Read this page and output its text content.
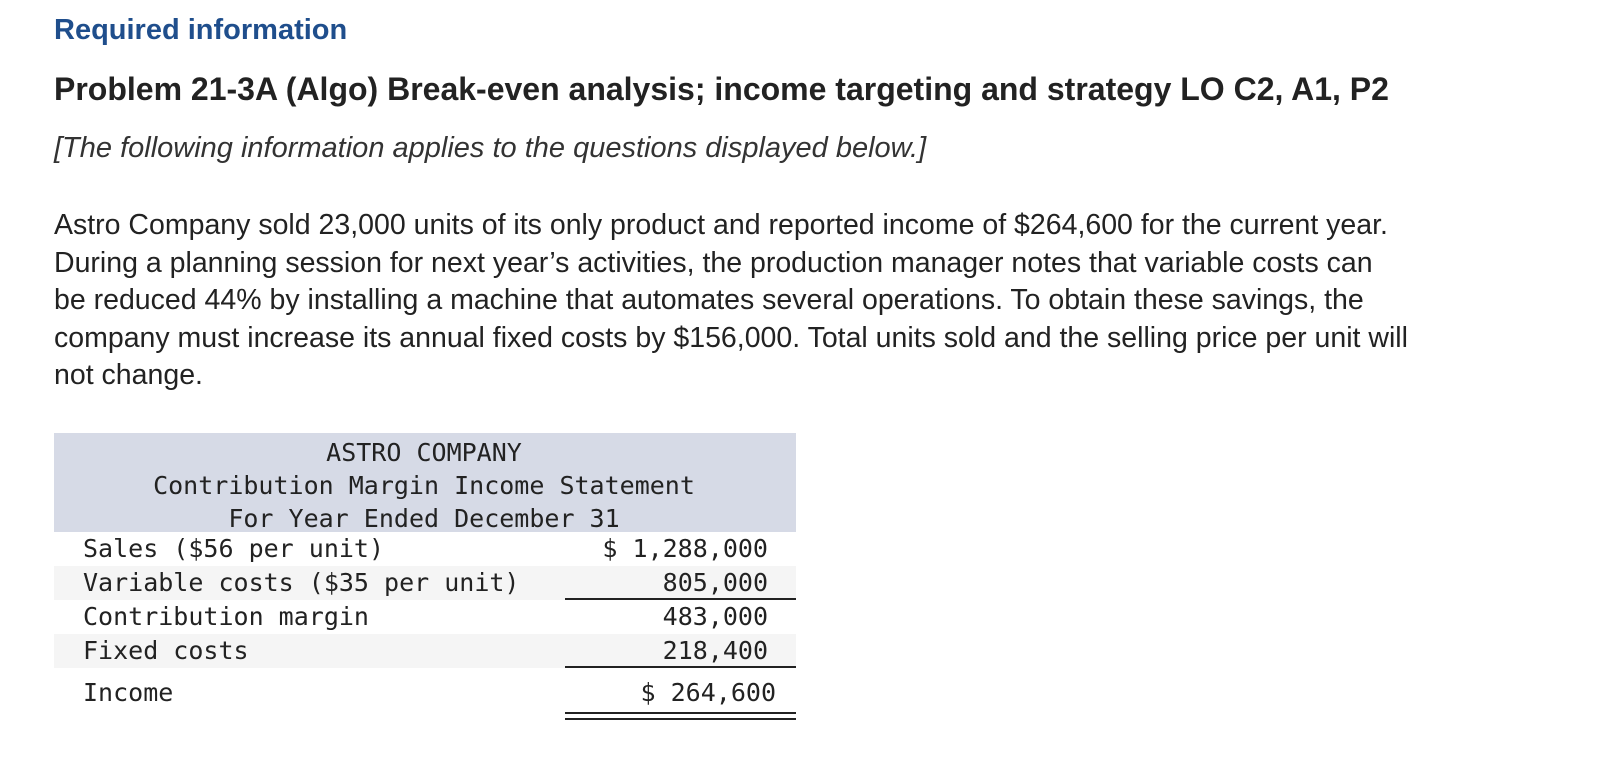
Required information
Problem 21-3A (Algo) Break-even analysis; income targeting and strategy LO C2, A1, P2
[The following information applies to the questions displayed below.]
Astro Company sold 23,000 units of its only product and reported income of $264,600 for the current year.
During a planning session for next year’s activities, the production manager notes that variable costs can
be reduced 44% by installing a machine that automates several operations. To obtain these savings, the
company must increase its annual fixed costs by $156,000. Total units sold and the selling price per unit will
not change.
ASTRO COMPANY
Contribution Margin Income Statement
For Year Ended December 31
Sales ($56 per unit)	$ 1,288,000
Variable costs ($35 per unit)	805,000
Contribution margin	483,000
Fixed costs	218,400
Income	$ 264,600
